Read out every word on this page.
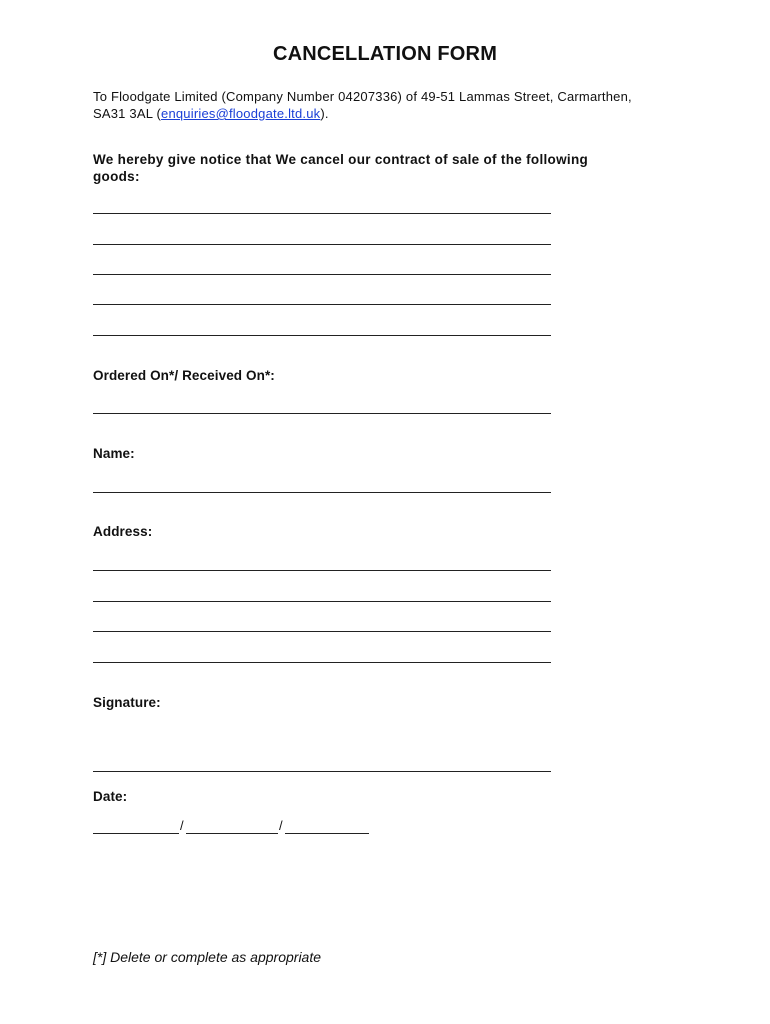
CANCELLATION FORM
To Floodgate Limited (Company Number 04207336) of 49-51 Lammas Street, Carmarthen,
SA31 3AL (enquiries@floodgate.ltd.uk).
We hereby give notice that We cancel our contract of sale of the following
goods:
Ordered On*/ Received On*:
Name:
Address:
Signature:
Date:
/	/
[*] Delete or complete as appropriate
